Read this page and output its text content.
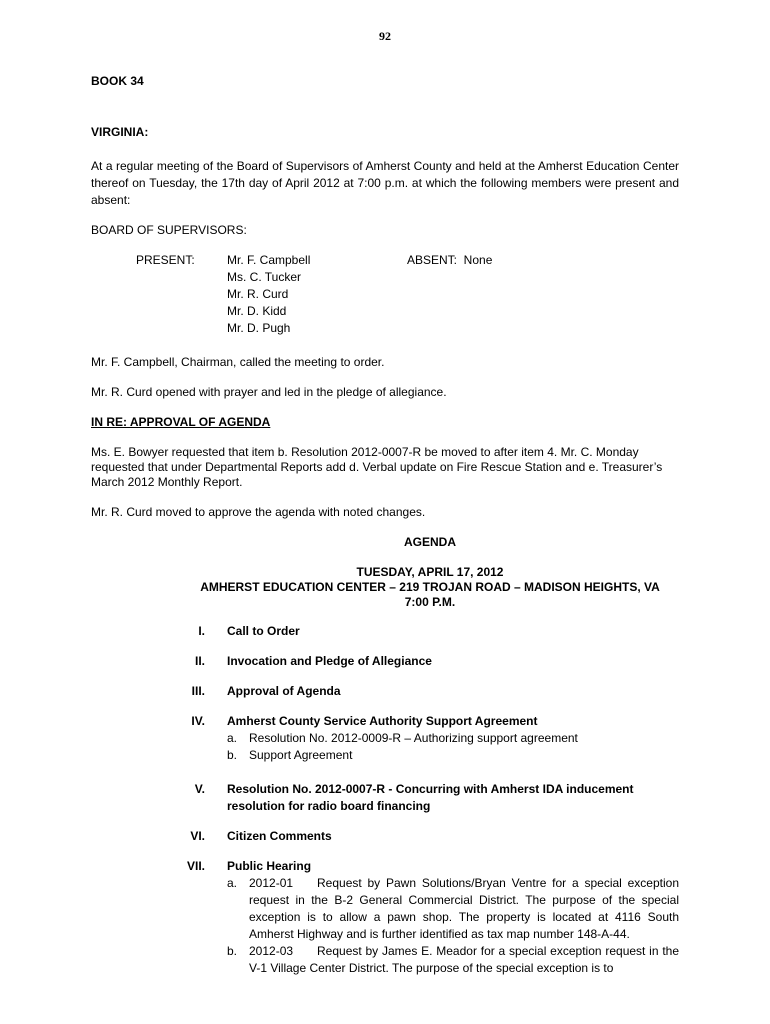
92
BOOK 34
VIRGINIA:
At a regular meeting of the Board of Supervisors of Amherst County and held at the Amherst Education Center thereof on Tuesday, the 17th day of April 2012 at 7:00 p.m. at which the following members were present and absent:
BOARD OF SUPERVISORS:
PRESENT:	Mr. F. Campbell
Ms. C. Tucker
Mr. R. Curd
Mr. D. Kidd
Mr. D. Pugh
ABSENT:  None
Mr. F. Campbell, Chairman, called the meeting to order.
Mr. R. Curd opened with prayer and led in the pledge of allegiance.
IN RE: APPROVAL OF AGENDA
Ms. E. Bowyer requested that item b. Resolution 2012-0007-R be moved to after item 4. Mr. C. Monday requested that under Departmental Reports add d. Verbal update on Fire Rescue Station and e. Treasurer’s March 2012 Monthly Report.
Mr. R. Curd moved to approve the agenda with noted changes.
AGENDA
TUESDAY, APRIL 17, 2012
AMHERST EDUCATION CENTER – 219 TROJAN ROAD – MADISON HEIGHTS, VA
7:00 P.M.
I. Call to Order
II. Invocation and Pledge of Allegiance
III. Approval of Agenda
IV. Amherst County Service Authority Support Agreement
a. Resolution No. 2012-0009-R – Authorizing support agreement
b. Support Agreement
V. Resolution No. 2012-0007-R - Concurring with Amherst IDA inducement resolution for radio board financing
VI. Citizen Comments
VII. Public Hearing
a. 2012-01 Request by Pawn Solutions/Bryan Ventre for a special exception request in the B-2 General Commercial District. The purpose of the special exception is to allow a pawn shop. The property is located at 4116 South Amherst Highway and is further identified as tax map number 148-A-44.
b. 2012-03 Request by James E. Meador for a special exception request in the V-1 Village Center District. The purpose of the special exception is to
